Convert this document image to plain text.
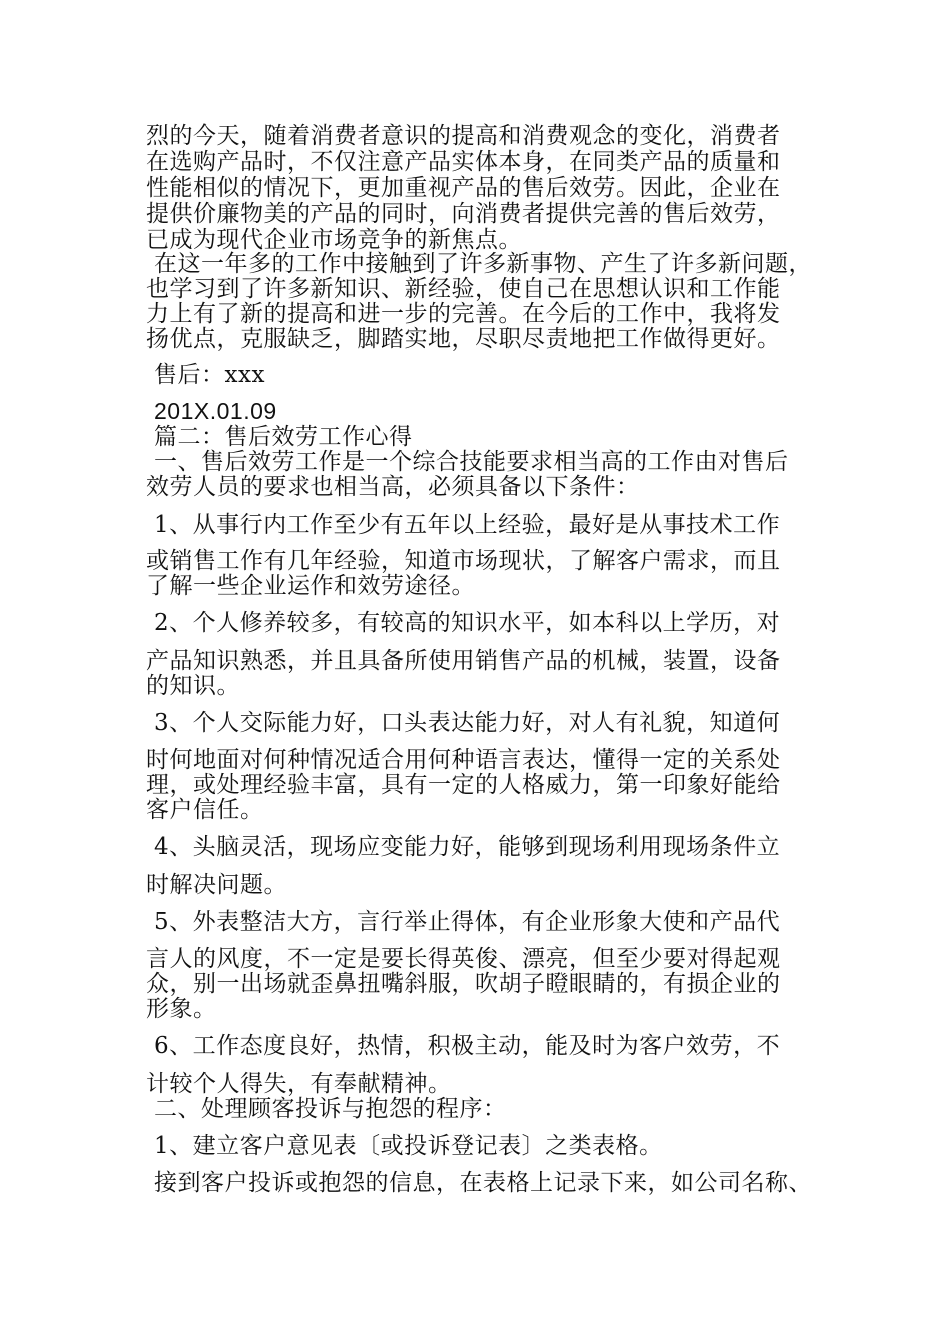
烈的今天，随着消费者意识的提高和消费观念的变化，消费者
在选购产品时，不仅注意产品实体本身，在同类产品的质量和
性能相似的情况下，更加重视产品的售后效劳。因此，企业在
提供价廉物美的产品的同时，向消费者提供完善的售后效劳，
已成为现代企业市场竞争的新焦点。
在这一年多的工作中接触到了许多新事物、产生了许多新问题，
也学习到了许多新知识、新经验，使自己在思想认识和工作能
力上有了新的提高和进一步的完善。在今后的工作中，我将发
扬优点，克服缺乏，脚踏实地，尽职尽责地把工作做得更好。
售后：xxx
201X.01.09
篇二：售后效劳工作心得
一、售后效劳工作是一个综合技能要求相当高的工作由对售后
效劳人员的要求也相当高，必须具备以下条件：
1、从事行内工作至少有五年以上经验，最好是从事技术工作
或销售工作有几年经验，知道市场现状，了解客户需求，而且
了解一些企业运作和效劳途径。
2、个人修养较多，有较高的知识水平，如本科以上学历，对
产品知识熟悉，并且具备所使用销售产品的机械，装置，设备
的知识。
3、个人交际能力好，口头表达能力好，对人有礼貌，知道何
时何地面对何种情况适合用何种语言表达，懂得一定的关系处
理，或处理经验丰富，具有一定的人格威力，第一印象好能给
客户信任。
4、头脑灵活，现场应变能力好，能够到现场利用现场条件立
时解决问题。
5、外表整洁大方，言行举止得体，有企业形象大使和产品代
言人的风度，不一定是要长得英俊、漂亮，但至少要对得起观
众，别一出场就歪鼻扭嘴斜服，吹胡子瞪眼睛的，有损企业的
形象。
6、工作态度良好，热情，积极主动，能及时为客户效劳，不
计较个人得失，有奉献精神。
二、处理顾客投诉与抱怨的程序：
1、建立客户意见表〔或投诉登记表〕之类表格。
接到客户投诉或抱怨的信息，在表格上记录下来，如公司名称、
